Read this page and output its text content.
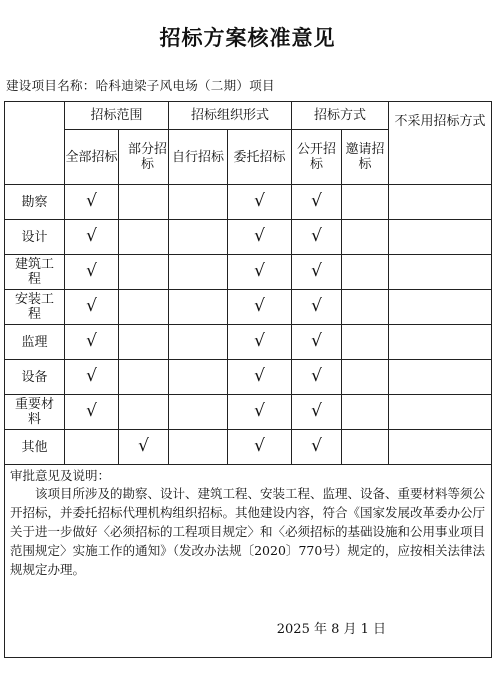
招标方案核准意见
建设项目名称：哈科迪梁子风电场（二期）项目
	招标范围		招标组织形式		招标方式		不采用招标方式

	全部招标	部分招标	自行招标	委托招标	公开招标	邀请招标	

勘察	√			√	√		
设计	√			√	√		
建筑工程	√			√	√		
安装工程	√			√	√		
监理	√			√	√		
设备	√			√	√		
重要材料	√			√	√		
其他		√		√	√		

审批意见及说明：

该项目所涉及的勘察、设计、建筑工程、安装工程、监理、设备、重要材料等须公开招标，并委托招标代理机构组织招标。其他建设内容，符合《国家发展改革委办公厅关于进一步做好〈必须招标的工程项目规定〉和〈必须招标的基础设施和公用事业项目范围规定〉实施工作的通知》（发改办法规〔2020〕770号）规定的，应按相关法律法规规定办理。

2025 年 8 月 1 日							
